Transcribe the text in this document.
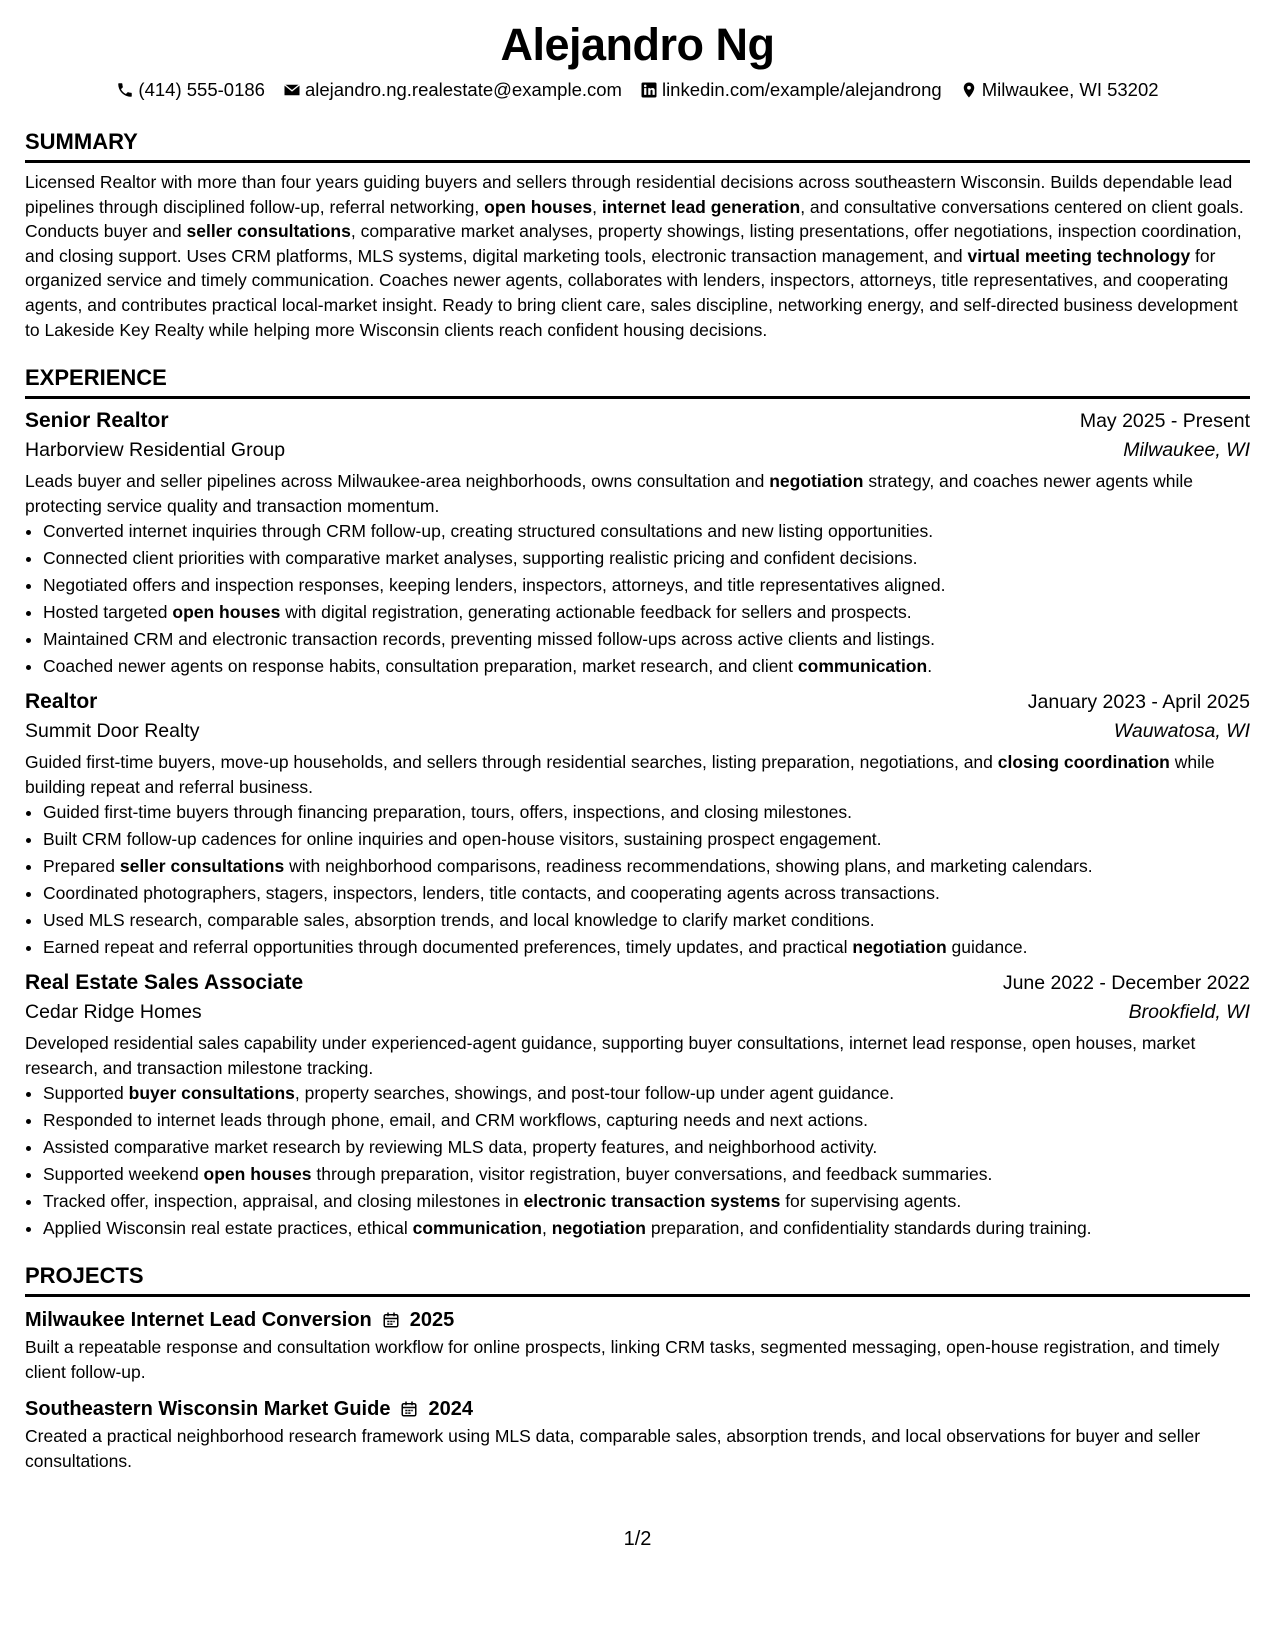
Alejandro Ng
(414) 555-0186 alejandro.ng.realestate@example.com linkedin.com/example/alejandrong Milwaukee, WI 53202
SUMMARY
Licensed Realtor with more than four years guiding buyers and sellers through residential decisions across southeastern Wisconsin. Builds dependable lead pipelines through disciplined follow-up, referral networking, open houses, internet lead generation, and consultative conversations centered on client goals. Conducts buyer and seller consultations, comparative market analyses, property showings, listing presentations, offer negotiations, inspection coordination, and closing support. Uses CRM platforms, MLS systems, digital marketing tools, electronic transaction management, and virtual meeting technology for organized service and timely communication. Coaches newer agents, collaborates with lenders, inspectors, attorneys, title representatives, and cooperating agents, and contributes practical local-market insight. Ready to bring client care, sales discipline, networking energy, and self-directed business development to Lakeside Key Realty while helping more Wisconsin clients reach confident housing decisions.
EXPERIENCE
Senior Realtor	May 2025 - Present
Harborview Residential Group	Milwaukee, WI
Leads buyer and seller pipelines across Milwaukee-area neighborhoods, owns consultation and negotiation strategy, and coaches newer agents while protecting service quality and transaction momentum.
• Converted internet inquiries through CRM follow-up, creating structured consultations and new listing opportunities.
• Connected client priorities with comparative market analyses, supporting realistic pricing and confident decisions.
• Negotiated offers and inspection responses, keeping lenders, inspectors, attorneys, and title representatives aligned.
• Hosted targeted open houses with digital registration, generating actionable feedback for sellers and prospects.
• Maintained CRM and electronic transaction records, preventing missed follow-ups across active clients and listings.
• Coached newer agents on response habits, consultation preparation, market research, and client communication.
Realtor	January 2023 - April 2025
Summit Door Realty	Wauwatosa, WI
Guided first-time buyers, move-up households, and sellers through residential searches, listing preparation, negotiations, and closing coordination while building repeat and referral business.
• Guided first-time buyers through financing preparation, tours, offers, inspections, and closing milestones.
• Built CRM follow-up cadences for online inquiries and open-house visitors, sustaining prospect engagement.
• Prepared seller consultations with neighborhood comparisons, readiness recommendations, showing plans, and marketing calendars.
• Coordinated photographers, stagers, inspectors, lenders, title contacts, and cooperating agents across transactions.
• Used MLS research, comparable sales, absorption trends, and local knowledge to clarify market conditions.
• Earned repeat and referral opportunities through documented preferences, timely updates, and practical negotiation guidance.
Real Estate Sales Associate	June 2022 - December 2022
Cedar Ridge Homes	Brookfield, WI
Developed residential sales capability under experienced-agent guidance, supporting buyer consultations, internet lead response, open houses, market research, and transaction milestone tracking.
• Supported buyer consultations, property searches, showings, and post-tour follow-up under agent guidance.
• Responded to internet leads through phone, email, and CRM workflows, capturing needs and next actions.
• Assisted comparative market research by reviewing MLS data, property features, and neighborhood activity.
• Supported weekend open houses through preparation, visitor registration, buyer conversations, and feedback summaries.
• Tracked offer, inspection, appraisal, and closing milestones in electronic transaction systems for supervising agents.
• Applied Wisconsin real estate practices, ethical communication, negotiation preparation, and confidentiality standards during training.
PROJECTS
Milwaukee Internet Lead Conversion 2025
Built a repeatable response and consultation workflow for online prospects, linking CRM tasks, segmented messaging, open-house registration, and timely client follow-up.
Southeastern Wisconsin Market Guide 2024
Created a practical neighborhood research framework using MLS data, comparable sales, absorption trends, and local observations for buyer and seller consultations.
1/2
